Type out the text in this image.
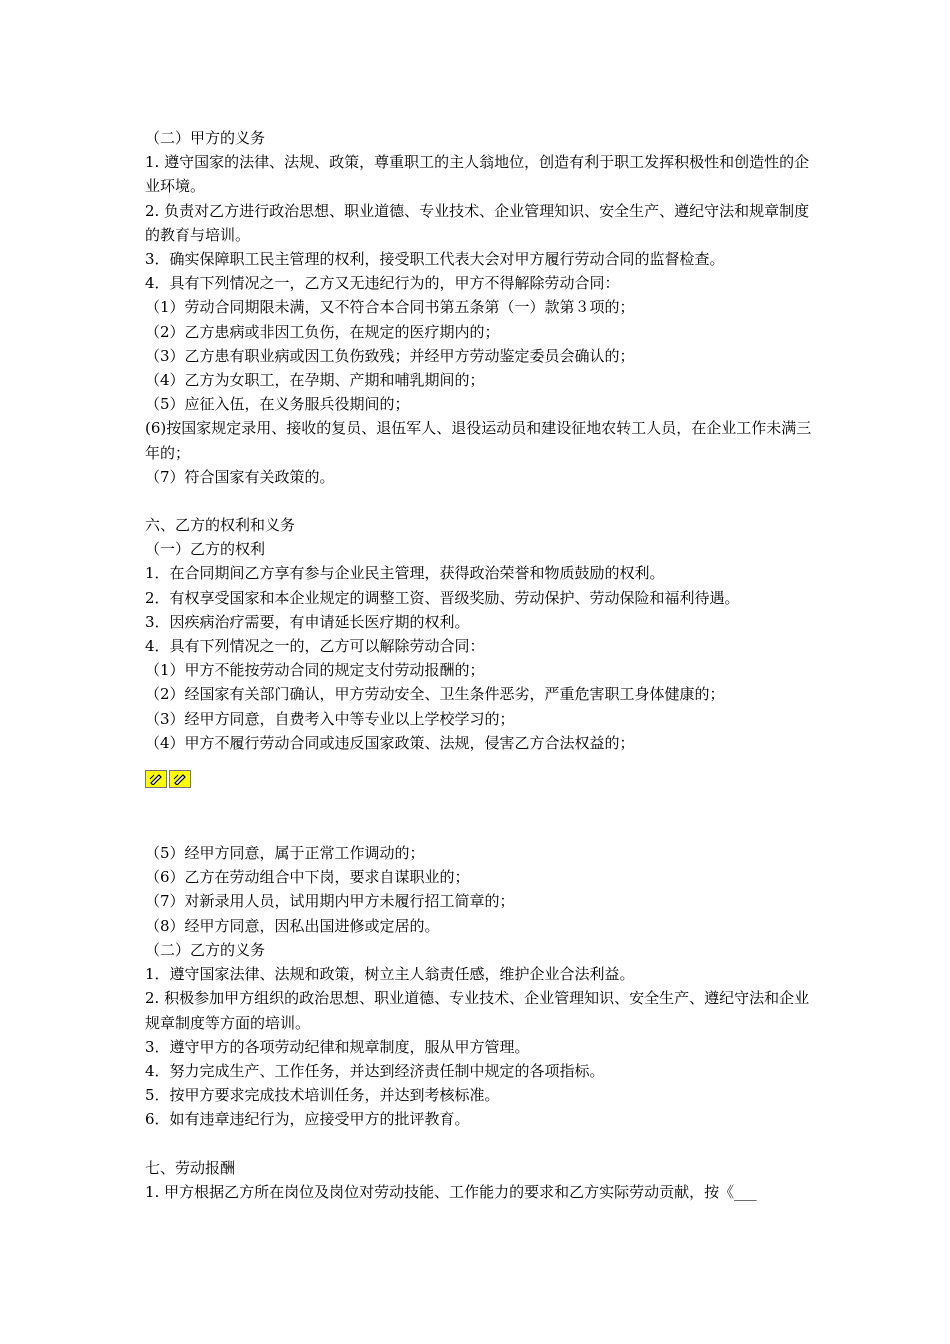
（二）甲方的义务
1. 遵守国家的法律、法规、政策，尊重职工的主人翁地位，创造有利于职工发挥积极性和创造性的企业环境。
2. 负责对乙方进行政治思想、职业道德、专业技术、企业管理知识、安全生产、遵纪守法和规章制度的教育与培训。
3．确实保障职工民主管理的权利，接受职工代表大会对甲方履行劳动合同的监督检查。
4．具有下列情况之一，乙方又无违纪行为的，甲方不得解除劳动合同：
（1）劳动合同期限未满，又不符合本合同书第五条第（一）款第３项的；
（2）乙方患病或非因工负伤，在规定的医疗期内的；
（3）乙方患有职业病或因工负伤致残；并经甲方劳动鉴定委员会确认的；
（4）乙方为女职工，在孕期、产期和哺乳期间的；
（5）应征入伍，在义务服兵役期间的；
(6)按国家规定录用、接收的复员、退伍军人、退役运动员和建设征地农转工人员，在企业工作未满三年的；
（7）符合国家有关政策的。
六、乙方的权利和义务
（一）乙方的权利
1．在合同期间乙方享有参与企业民主管理，获得政治荣誉和物质鼓励的权利。
2．有权享受国家和本企业规定的调整工资、晋级奖励、劳动保护、劳动保险和福利待遇。
3．因疾病治疗需要，有申请延长医疗期的权利。
4．具有下列情况之一的，乙方可以解除劳动合同：
（1）甲方不能按劳动合同的规定支付劳动报酬的；
（2）经国家有关部门确认，甲方劳动安全、卫生条件恶劣，严重危害职工身体健康的；
（3）经甲方同意，自费考入中等专业以上学校学习的；
（4）甲方不履行劳动合同或违反国家政策、法规，侵害乙方合法权益的；
（5）经甲方同意，属于正常工作调动的；
（6）乙方在劳动组合中下岗，要求自谋职业的；
（7）对新录用人员，试用期内甲方未履行招工简章的；
（8）经甲方同意，因私出国进修或定居的。
（二）乙方的义务
1．遵守国家法律、法规和政策，树立主人翁责任感，维护企业合法利益。
2. 积极参加甲方组织的政治思想、职业道德、专业技术、企业管理知识、安全生产、遵纪守法和企业规章制度等方面的培训。
3．遵守甲方的各项劳动纪律和规章制度，服从甲方管理。
4．努力完成生产、工作任务，并达到经济责任制中规定的各项指标。
5．按甲方要求完成技术培训任务，并达到考核标准。
6．如有违章违纪行为，应接受甲方的批评教育。
七、劳动报酬
1. 甲方根据乙方所在岗位及岗位对劳动技能、工作能力的要求和乙方实际劳动贡献，按《___
